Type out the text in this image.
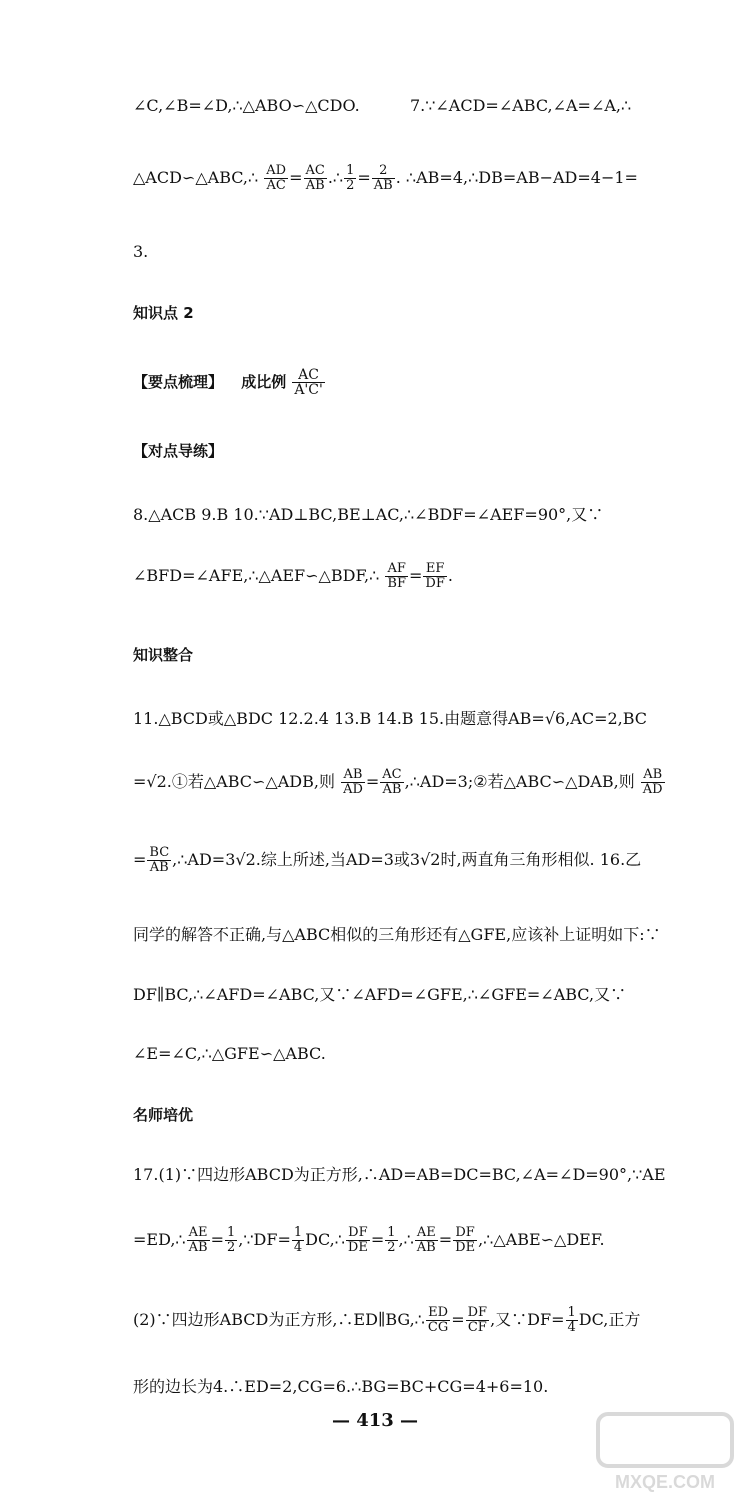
∠C,∠B=∠D,∴△ABO∽△CDO.	7.∵∠ACD=∠ABC,∠A=∠A,∴
△ACD∽△ABC,∴ $\frac{AD}{AC} = \frac{AC}{AB}$ .∴ $\frac{1}{2} = \frac{2}{AB}$ . ∴AB=4,∴DB=AB−AD=4−1=
3.
知识点 2
【要点梳理】 成比例 $\frac{AC}{A'C'}$
【对点导练】
8.△ACB 9.B 10.∵AD⊥BC,BE⊥AC,∴∠BDF=∠AEF=90°,又∵
∠BFD=∠AFE,∴△AEF∽△BDF,∴ $\frac{AF}{BF} = \frac{EF}{DF}$ .
知识整合
11.△BCD或△BDC 12.2.4 13.B 14.B 15.由题意得AB=√6,AC=2,BC
=√2.①若△ABC∽△ADB,则 $\frac{AB}{AD} = \frac{AC}{AB}$ ,∴AD=3;②若△ABC∽△DAB,则 $\frac{AB}{AD}$
= $\frac{BC}{AB}$ ,∴AD=3√2.综上所述,当AD=3或3√2时,两直角三角形相似. 16.乙
同学的解答不正确,与△ABC相似的三角形还有△GFE,应该补上证明如下:∵
DF∥BC,∴∠AFD=∠ABC,又∵∠AFD=∠GFE,∴∠GFE=∠ABC,又∵
∠E=∠C,∴△GFE∽△ABC.
名师培优
17.(1)∵四边形ABCD为正方形,∴AD=AB=DC=BC,∠A=∠D=90°,∵AE
=ED,∴ $\frac{AE}{AB} = \frac{1}{2}$ ,∵DF= $\frac{1}{4}$ DC,∴ $\frac{DF}{DE} = \frac{1}{2}$ ,∴ $\frac{AE}{AB} = \frac{DF}{DE}$ ,∴△ABE∽△DEF.
(2)∵四边形ABCD为正方形,∴ED∥BG,∴ $\frac{ED}{CG} = \frac{DF}{CF}$ ,又∵DF= $\frac{1}{4}$ DC,正方
形的边长为4.∴ED=2,CG=6.∴BG=BC+CG=4+6=10.
— 413 —
MXQE.COM
